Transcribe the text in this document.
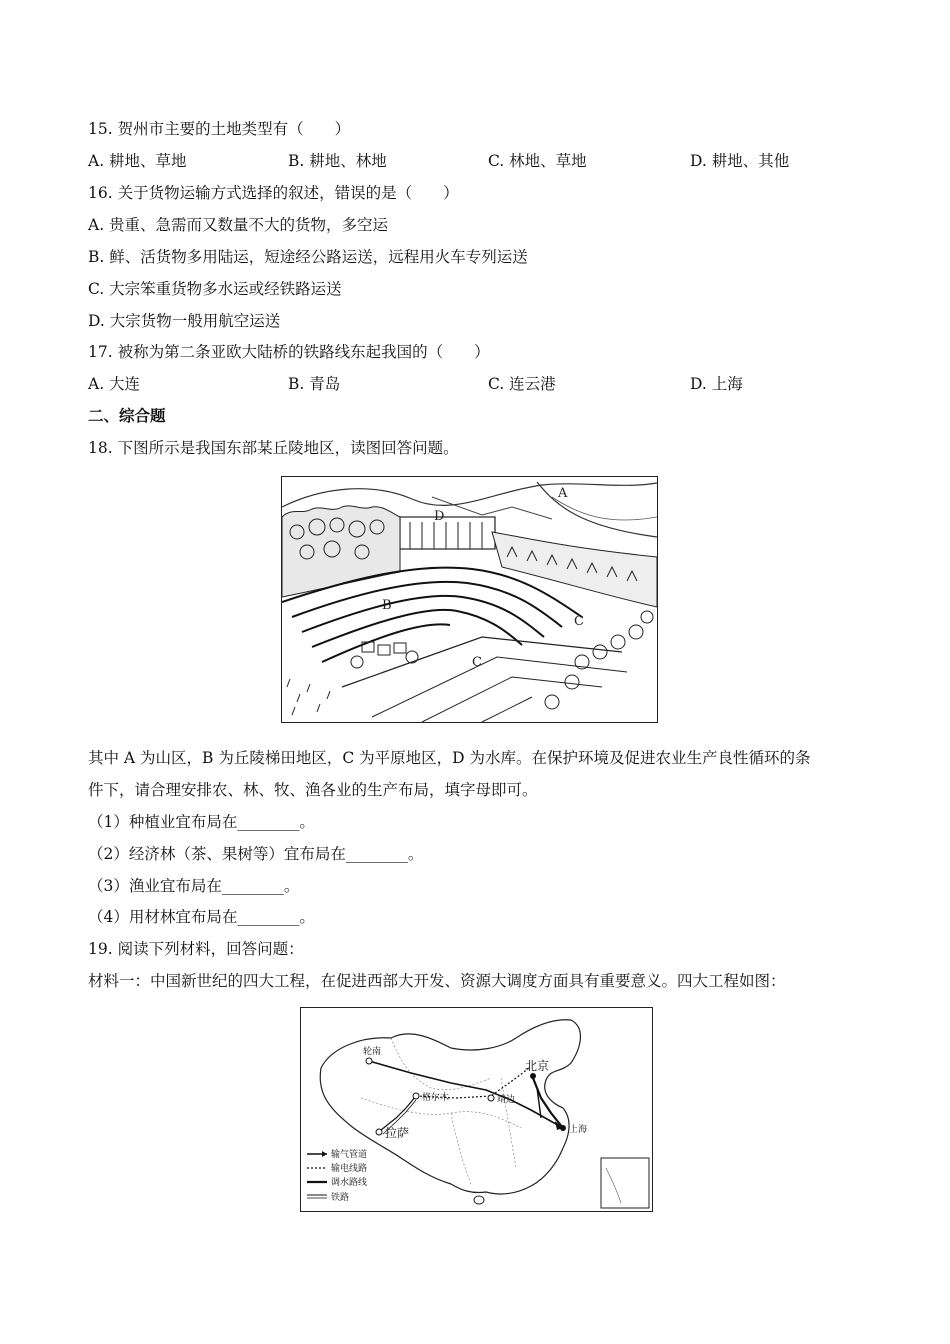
15. 贺州市主要的土地类型有（　　）
A. 耕地、草地	B. 耕地、林地	C. 林地、草地	D. 耕地、其他
16. 关于货物运输方式选择的叙述，错误的是（　　）
A. 贵重、急需而又数量不大的货物，多空运
B. 鲜、活货物多用陆运，短途经公路运送，远程用火车专列运送
C. 大宗笨重货物多水运或经铁路运送
D. 大宗货物一般用航空运送
17. 被称为第二条亚欧大陆桥的铁路线东起我国的（　　）
A. 大连	B. 青岛	C. 连云港	D. 上海
二、综合题
18. 下图所示是我国东部某丘陵地区，读图回答问题。
A
D
B
C
C
其中 A 为山区，B 为丘陵梯田地区，C 为平原地区，D 为水库。在保护环境及促进农业生产良性循环的条
件下，请合理安排农、林、牧、渔各业的生产布局，填字母即可。
（1）种植业宜布局在________。
（2）经济林（茶、果树等）宜布局在________。
（3）渔业宜布局在________。
（4）用材林宜布局在________。
19. 阅读下列材料，回答问题：
材料一：中国新世纪的四大工程，在促进西部大开发、资源大调度方面具有重要意义。四大工程如图：
轮南
北京
格尔木	靖边
拉萨	上海
输气管道
输电线路
调水路线
铁路
